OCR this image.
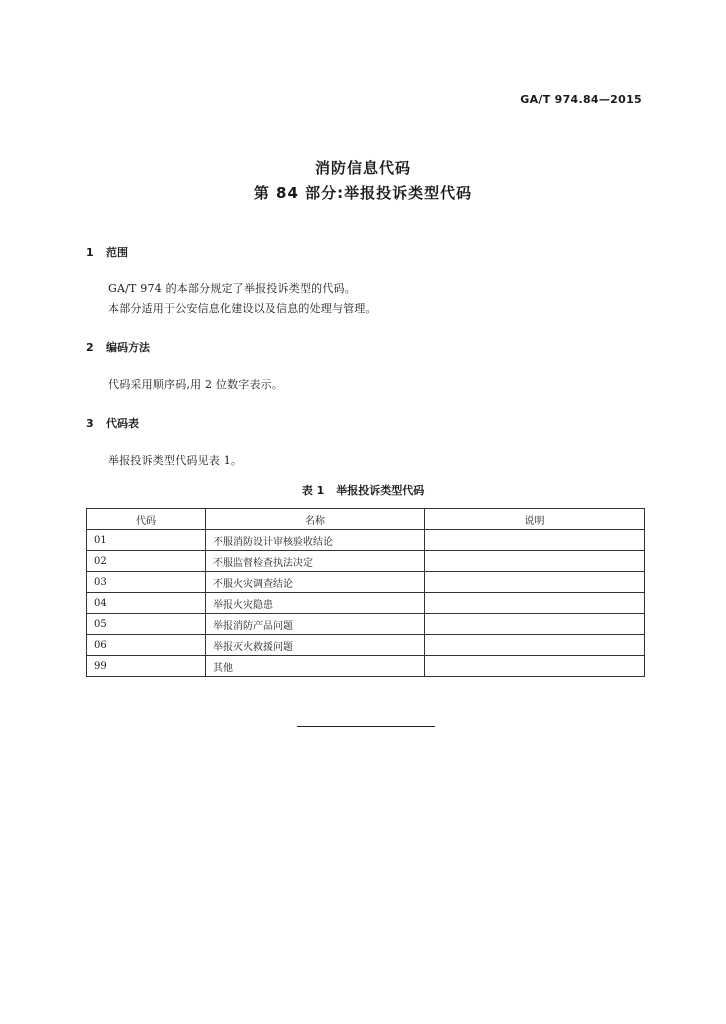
GA/T 974.84—2015
消防信息代码
第 84 部分:举报投诉类型代码
1 范围
GA/T 974 的本部分规定了举报投诉类型的代码。
本部分适用于公安信息化建设以及信息的处理与管理。
2 编码方法
代码采用顺序码,用 2 位数字表示。
3 代码表
举报投诉类型代码见表 1。
表 1 举报投诉类型代码
代码	名称	说明
01	不服消防设计审核验收结论	
02	不服监督检查执法决定	
03	不服火灾调查结论	
04	举报火灾隐患	
05	举报消防产品问题	
06	举报灭火救援问题	
99	其他	
